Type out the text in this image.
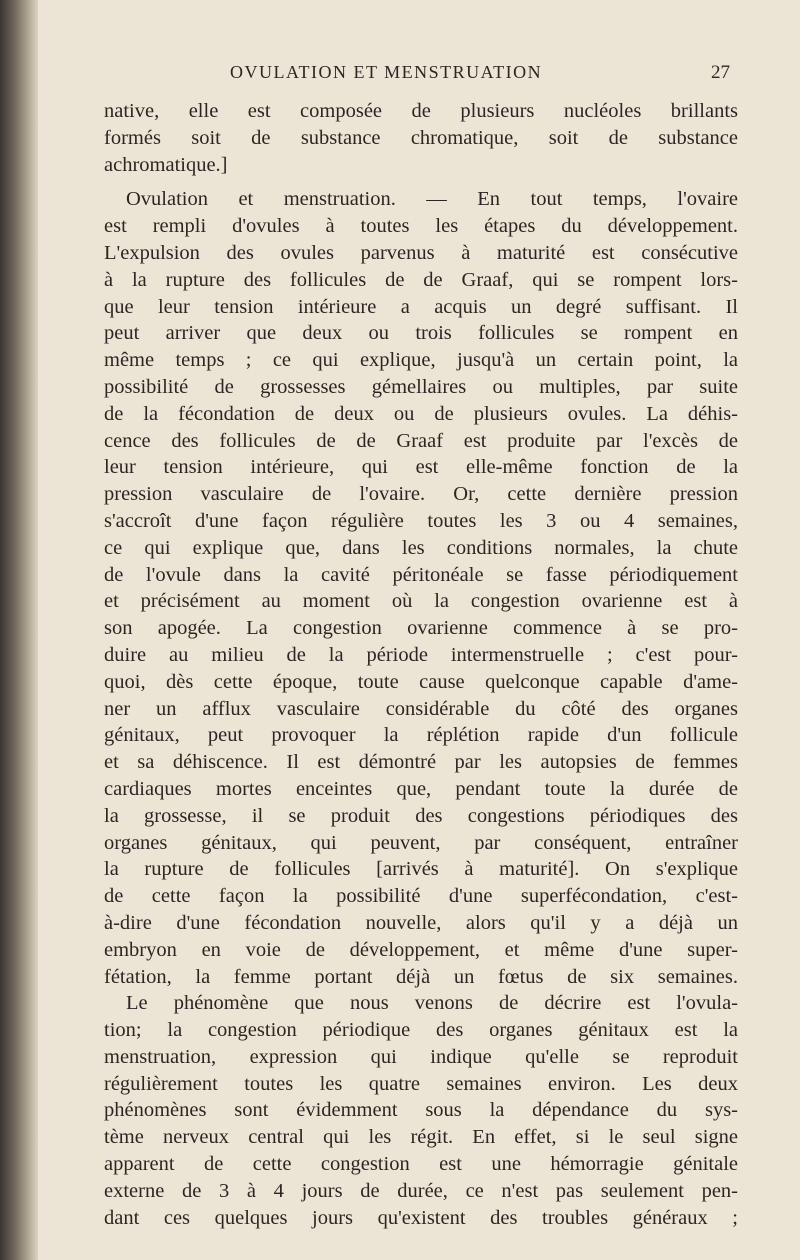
OVULATION ET MENSTRUATION	27
native, elle est composée de plusieurs nucléoles brillants
formés soit de substance chromatique, soit de substance
achromatique.]
Ovulation et menstruation. — En tout temps, l'ovaire
est rempli d'ovules à toutes les étapes du développement.
L'expulsion des ovules parvenus à maturité est consécutive
à la rupture des follicules de de Graaf, qui se rompent lors-
que leur tension intérieure a acquis un degré suffisant. Il
peut arriver que deux ou trois follicules se rompent en
même temps ; ce qui explique, jusqu'à un certain point, la
possibilité de grossesses gémellaires ou multiples, par suite
de la fécondation de deux ou de plusieurs ovules. La déhis-
cence des follicules de de Graaf est produite par l'excès de
leur tension intérieure, qui est elle-même fonction de la
pression vasculaire de l'ovaire. Or, cette dernière pression
s'accroît d'une façon régulière toutes les 3 ou 4 semaines,
ce qui explique que, dans les conditions normales, la chute
de l'ovule dans la cavité péritonéale se fasse périodiquement
et précisément au moment où la congestion ovarienne est à
son apogée. La congestion ovarienne commence à se pro-
duire au milieu de la période intermenstruelle ; c'est pour-
quoi, dès cette époque, toute cause quelconque capable d'ame-
ner un afflux vasculaire considérable du côté des organes
génitaux, peut provoquer la réplétion rapide d'un follicule
et sa déhiscence. Il est démontré par les autopsies de femmes
cardiaques mortes enceintes que, pendant toute la durée de
la grossesse, il se produit des congestions périodiques des
organes génitaux, qui peuvent, par conséquent, entraîner
la rupture de follicules [arrivés à maturité]. On s'explique
de cette façon la possibilité d'une superfécondation, c'est-
à-dire d'une fécondation nouvelle, alors qu'il y a déjà un
embryon en voie de développement, et même d'une super-
fétation, la femme portant déjà un fœtus de six semaines.
Le phénomène que nous venons de décrire est l'ovula-
tion; la congestion périodique des organes génitaux est la
menstruation, expression qui indique qu'elle se reproduit
régulièrement toutes les quatre semaines environ. Les deux
phénomènes sont évidemment sous la dépendance du sys-
tème nerveux central qui les régit. En effet, si le seul signe
apparent de cette congestion est une hémorragie génitale
externe de 3 à 4 jours de durée, ce n'est pas seulement pen-
dant ces quelques jours qu'existent des troubles généraux ;
